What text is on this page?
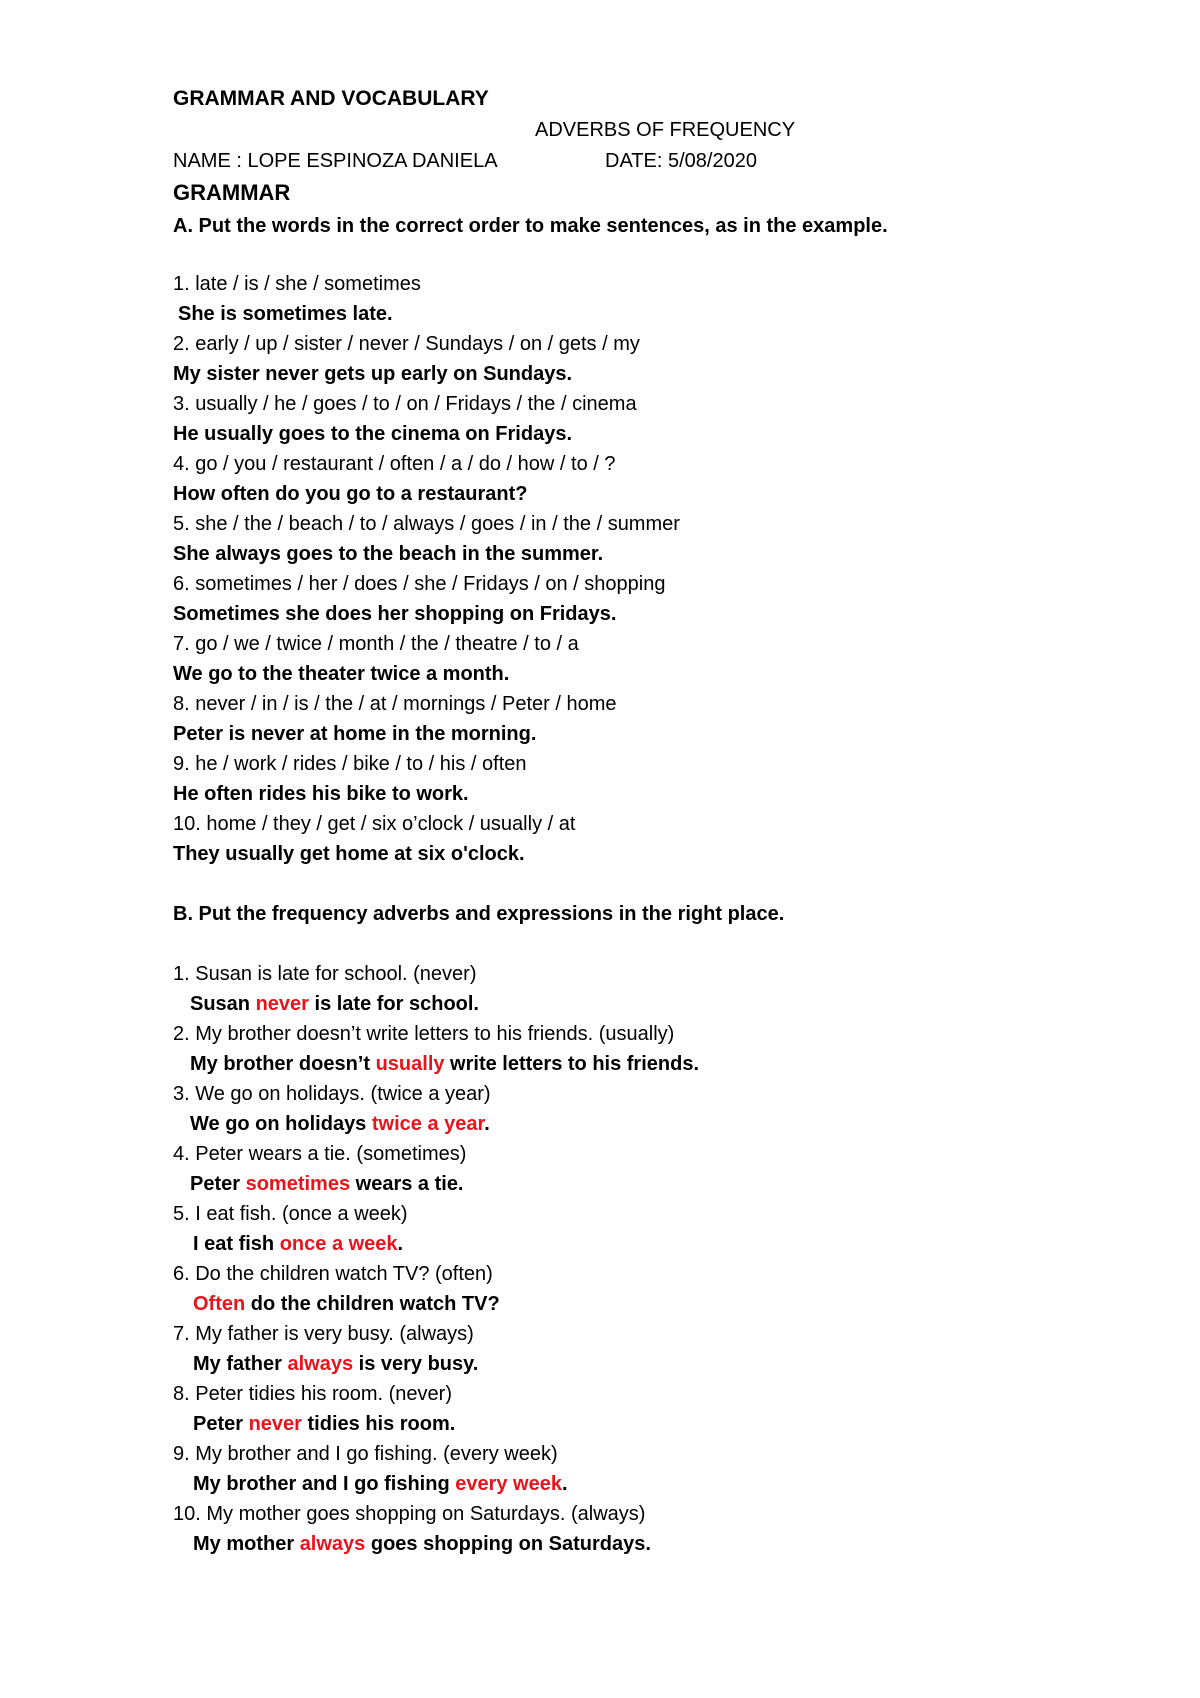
GRAMMAR AND VOCABULARY
ADVERBS OF FREQUENCY
NAME : LOPE ESPINOZA DANIELA	DATE: 5/08/2020
GRAMMAR
A. Put the words in the correct order to make sentences, as in the example.
1. late / is / she / sometimes
She is sometimes late.
2. early / up / sister / never / Sundays / on / gets / my
My sister never gets up early on Sundays.
3. usually / he / goes / to / on / Fridays / the / cinema
He usually goes to the cinema on Fridays.
4. go / you / restaurant / often / a / do / how / to / ?
How often do you go to a restaurant?
5. she / the / beach / to / always / goes / in / the / summer
She always goes to the beach in the summer.
6. sometimes / her / does / she / Fridays / on / shopping
Sometimes she does her shopping on Fridays.
7. go / we / twice / month / the / theatre / to / a
We go to the theater twice a month.
8. never / in / is / the / at / mornings / Peter / home
Peter is never at home in the morning.
9. he / work / rides / bike / to / his / often
He often rides his bike to work.
10. home / they / get / six o’clock / usually / at
They usually get home at six o'clock.
B. Put the frequency adverbs and expressions in the right place.
1. Susan is late for school. (never)
Susan never is late for school.
2. My brother doesn’t write letters to his friends. (usually)
My brother doesn’t usually write letters to his friends.
3. We go on holidays. (twice a year)
We go on holidays twice a year.
4. Peter wears a tie. (sometimes)
Peter sometimes wears a tie.
5. I eat fish. (once a week)
I eat fish once a week.
6. Do the children watch TV? (often)
Often do the children watch TV?
7. My father is very busy. (always)
My father always is very busy.
8. Peter tidies his room. (never)
Peter never tidies his room.
9. My brother and I go fishing. (every week)
My brother and I go fishing every week.
10. My mother goes shopping on Saturdays. (always)
My mother always goes shopping on Saturdays.
